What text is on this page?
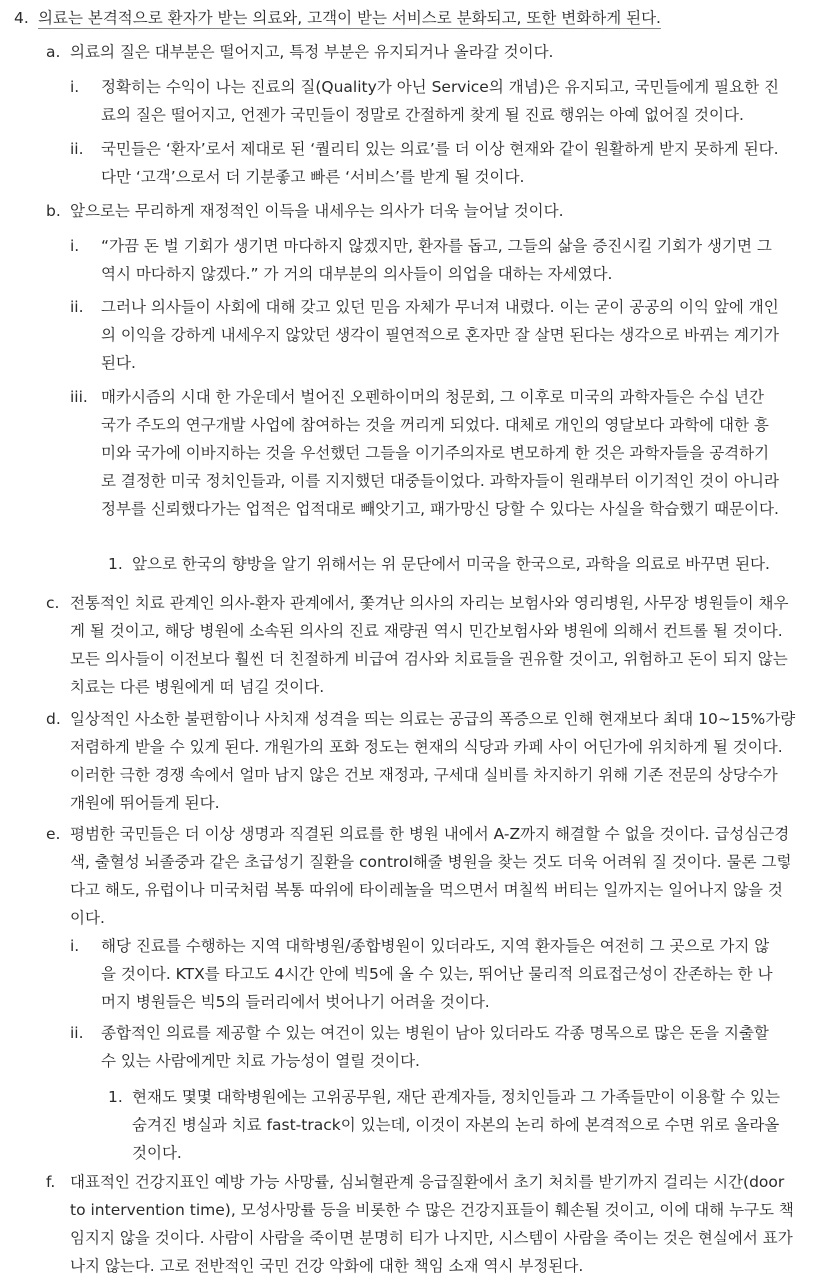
4. 의료는 본격적으로 환자가 받는 의료와, 고객이 받는 서비스로 분화되고, 또한 변화하게 된다.
a. 의료의 질은 대부분은 떨어지고, 특정 부분은 유지되거나 올라갈 것이다.
i. 정확히는 수익이 나는 진료의 질(Quality가 아닌 Service의 개념)은 유지되고, 국민들에게 필요한 진료의 질은 떨어지고, 언젠가 국민들이 정말로 간절하게 찾게 될 진료 행위는 아예 없어질 것이다.
ii. 국민들은 ‘환자’로서 제대로 된 ‘퀄리티 있는 의료’를 더 이상 현재와 같이 원활하게 받지 못하게 된다. 다만 ‘고객’으로서 더 기분좋고 빠른 ‘서비스’를 받게 될 것이다.
b. 앞으로는 무리하게 재정적인 이득을 내세우는 의사가 더욱 늘어날 것이다.
i. “가끔 돈 벌 기회가 생기면 마다하지 않겠지만, 환자를 돕고, 그들의 삶을 증진시킬 기회가 생기면 그 역시 마다하지 않겠다.” 가 거의 대부분의 의사들이 의업을 대하는 자세였다.
ii. 그러나 의사들이 사회에 대해 갖고 있던 믿음 자체가 무너져 내렸다. 이는 굳이 공공의 이익 앞에 개인의 이익을 강하게 내세우지 않았던 생각이 필연적으로 혼자만 잘 살면 된다는 생각으로 바뀌는 계기가 된다.
iii. 매카시즘의 시대 한 가운데서 벌어진 오펜하이머의 청문회, 그 이후로 미국의 과학자들은 수십 년간 국가 주도의 연구개발 사업에 참여하는 것을 꺼리게 되었다. 대체로 개인의 영달보다 과학에 대한 흥미와 국가에 이바지하는 것을 우선했던 그들을 이기주의자로 변모하게 한 것은 과학자들을 공격하기로 결정한 미국 정치인들과, 이를 지지했던 대중들이었다. 과학자들이 원래부터 이기적인 것이 아니라 정부를 신뢰했다가는 업적은 업적대로 빼앗기고, 패가망신 당할 수 있다는 사실을 학습했기 때문이다.
1. 앞으로 한국의 향방을 알기 위해서는 위 문단에서 미국을 한국으로, 과학을 의료로 바꾸면 된다.
c. 전통적인 치료 관계인 의사-환자 관계에서, 쫓겨난 의사의 자리는 보험사와 영리병원, 사무장 병원들이 채우게 될 것이고, 해당 병원에 소속된 의사의 진료 재량권 역시 민간보험사와 병원에 의해서 컨트롤 될 것이다. 모든 의사들이 이전보다 훨씬 더 친절하게 비급여 검사와 치료들을 권유할 것이고, 위험하고 돈이 되지 않는 치료는 다른 병원에게 떠 넘길 것이다.
d. 일상적인 사소한 불편함이나 사치재 성격을 띄는 의료는 공급의 폭증으로 인해 현재보다 최대 10~15%가량 저렴하게 받을 수 있게 된다. 개원가의 포화 정도는 현재의 식당과 카페 사이 어딘가에 위치하게 될 것이다. 이러한 극한 경쟁 속에서 얼마 남지 않은 건보 재정과, 구세대 실비를 차지하기 위해 기존 전문의 상당수가 개원에 뛰어들게 된다.
e. 평범한 국민들은 더 이상 생명과 직결된 의료를 한 병원 내에서 A-Z까지 해결할 수 없을 것이다. 급성심근경색, 출혈성 뇌졸중과 같은 초급성기 질환을 control해줄 병원을 찾는 것도 더욱 어려워 질 것이다. 물론 그렇다고 해도, 유럽이나 미국처럼 복통 따위에 타이레놀을 먹으면서 며칠씩 버티는 일까지는 일어나지 않을 것이다.
i. 해당 진료를 수행하는 지역 대학병원/종합병원이 있더라도, 지역 환자들은 여전히 그 곳으로 가지 않을 것이다. KTX를 타고도 4시간 안에 빅5에 올 수 있는, 뛰어난 물리적 의료접근성이 잔존하는 한 나머지 병원들은 빅5의 들러리에서 벗어나기 어려울 것이다.
ii. 종합적인 의료를 제공할 수 있는 여건이 있는 병원이 남아 있더라도 각종 명목으로 많은 돈을 지출할 수 있는 사람에게만 치료 가능성이 열릴 것이다.
1. 현재도 몇몇 대학병원에는 고위공무원, 재단 관계자들, 정치인들과 그 가족들만이 이용할 수 있는 숨겨진 병실과 치료 fast-track이 있는데, 이것이 자본의 논리 하에 본격적으로 수면 위로 올라올 것이다.
f. 대표적인 건강지표인 예방 가능 사망률, 심뇌혈관계 응급질환에서 초기 처치를 받기까지 걸리는 시간(door to intervention time), 모성사망률 등을 비롯한 수 많은 건강지표들이 훼손될 것이고, 이에 대해 누구도 책임지지 않을 것이다. 사람이 사람을 죽이면 분명히 티가 나지만, 시스템이 사람을 죽이는 것은 현실에서 표가 나지 않는다. 고로 전반적인 국민 건강 악화에 대한 책임 소재 역시 부정된다.
